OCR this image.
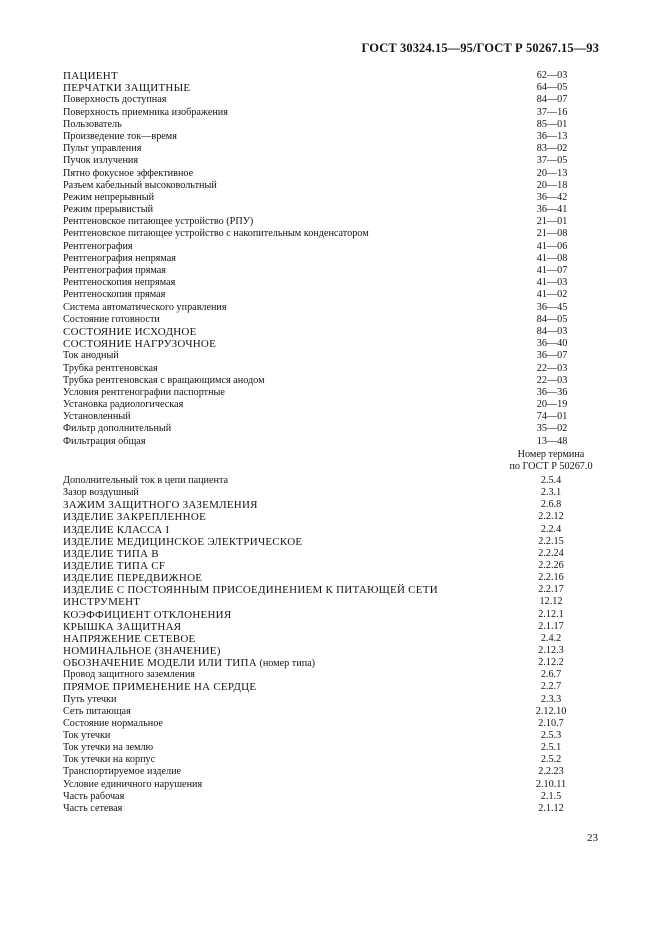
ГОСТ 30324.15—95/ГОСТ Р 50267.15—93
ПАЦИЕНТ	62—03
ПЕРЧАТКИ ЗАЩИТНЫЕ	64—05
Поверхность доступная	84—07
Поверхность приемника изображения	37—16
Пользователь	85—01
Произведение ток—время	36—13
Пульт управления	83—02
Пучок излучения	37—05
Пятно фокусное эффективное	20—13
Разъем кабельный высоковольтный	20—18
Режим непрерывный	36—42
Режим прерывистый	36—41
Рентгеновское питающее устройство (РПУ)	21—01
Рентгеновское питающее устройство с накопительным конденсатором	21—08
Рентгенография	41—06
Рентгенография непрямая	41—08
Рентгенография прямая	41—07
Рентгеноскопия непрямая	41—03
Рентгеноскопия прямая	41—02
Система автоматического управления	36—45
Состояние готовности	84—05
СОСТОЯНИЕ ИСХОДНОЕ	84—03
СОСТОЯНИЕ НАГРУЗОЧНОЕ	36—40
Ток анодный	36—07
Трубка рентгеновская	22—03
Трубка рентгеновская с вращающимся анодом	22—03
Условия рентгенографии паспортные	36—36
Установка радиологическая	20—19
Установленный	74—01
Фильтр дополнительный	35—02
Фильтрация общая	13—48
Номер термина
по ГОСТ Р 50267.0
Дополнительный ток в цепи пациента	2.5.4
Зазор воздушный	2.3.1
ЗАЖИМ ЗАЩИТНОГО ЗАЗЕМЛЕНИЯ	2.6.8
ИЗДЕЛИЕ ЗАКРЕПЛЕННОЕ	2.2.12
ИЗДЕЛИЕ КЛАССА I	2.2.4
ИЗДЕЛИЕ МЕДИЦИНСКОЕ ЭЛЕКТРИЧЕСКОЕ	2.2.15
ИЗДЕЛИЕ ТИПА В	2.2.24
ИЗДЕЛИЕ ТИПА CF	2.2.26
ИЗДЕЛИЕ ПЕРЕДВИЖНОЕ	2.2.16
ИЗДЕЛИЕ С ПОСТОЯННЫМ ПРИСОЕДИНЕНИЕМ К ПИТАЮЩЕЙ СЕТИ	2.2.17
ИНСТРУМЕНТ	12.12
КОЭФФИЦИЕНТ ОТКЛОНЕНИЯ	2.12.1
КРЫШКА ЗАЩИТНАЯ	2.1.17
НАПРЯЖЕНИЕ СЕТЕВОЕ	2.4.2
НОМИНАЛЬНОЕ (ЗНАЧЕНИЕ)	2.12.3
ОБОЗНАЧЕНИЕ МОДЕЛИ ИЛИ ТИПА (номер типа)	2.12.2
Провод защитного заземления	2.6.7
ПРЯМОЕ ПРИМЕНЕНИЕ НА СЕРДЦЕ	2.2.7
Путь утечки	2.3.3
Сеть питающая	2.12.10
Состояние нормальное	2.10.7
Ток утечки	2.5.3
Ток утечки на землю	2.5.1
Ток утечки на корпус	2.5.2
Транспортируемое изделие	2.2.23
Условие единичного нарушения	2.10.11
Часть рабочая	2.1.5
Часть сетевая	2.1.12
23
